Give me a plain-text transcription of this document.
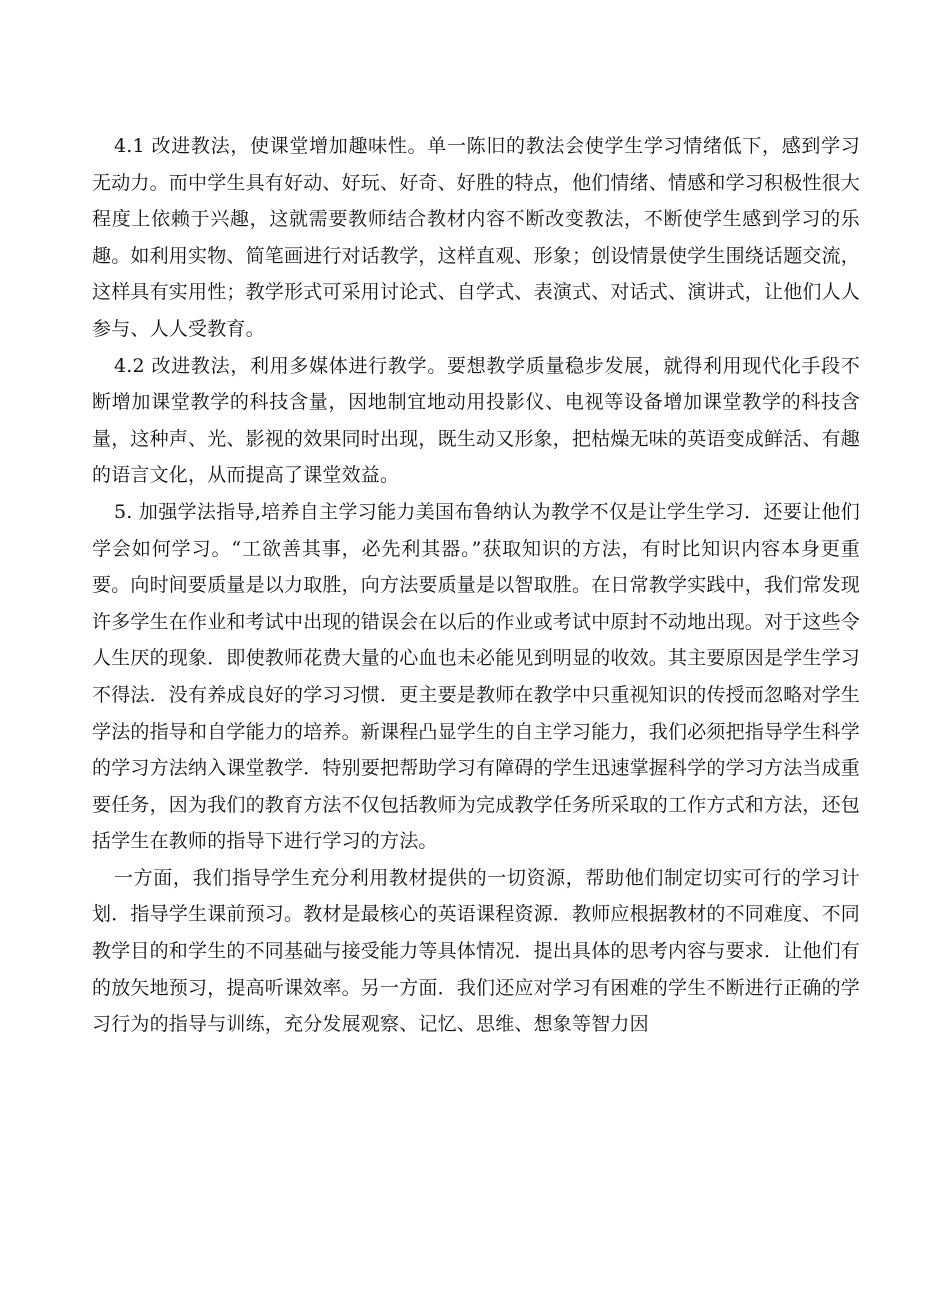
4.1 改进教法，使课堂增加趣味性。单一陈旧的教法会使学生学习情绪低下，感到学习无动力。而中学生具有好动、好玩、好奇、好胜的特点，他们情绪、情感和学习积极性很大程度上依赖于兴趣，这就需要教师结合教材内容不断改变教法，不断使学生感到学习的乐趣。如利用实物、简笔画进行对话教学，这样直观、形象；创设情景使学生围绕话题交流，这样具有实用性；教学形式可采用讨论式、自学式、表演式、对话式、演讲式，让他们人人参与、人人受教育。

4.2 改进教法，利用多媒体进行教学。要想教学质量稳步发展，就得利用现代化手段不断增加课堂教学的科技含量，因地制宜地动用投影仪、电视等设备增加课堂教学的科技含量，这种声、光、影视的效果同时出现，既生动又形象，把枯燥无味的英语变成鲜活、有趣的语言文化，从而提高了课堂效益。

5. 加强学法指导,培养自主学习能力美国布鲁纳认为教学不仅是让学生学习．还要让他们学会如何学习。“工欲善其事，必先利其器。”获取知识的方法，有时比知识内容本身更重要。向时间要质量是以力取胜，向方法要质量是以智取胜。在日常教学实践中，我们常发现许多学生在作业和考试中出现的错误会在以后的作业或考试中原封不动地出现。对于这些令人生厌的现象．即使教师花费大量的心血也未必能见到明显的收效。其主要原因是学生学习不得法．没有养成良好的学习习惯．更主要是教师在教学中只重视知识的传授而忽略对学生学法的指导和自学能力的培养。新课程凸显学生的自主学习能力，我们必须把指导学生科学的学习方法纳入课堂教学．特别要把帮助学习有障碍的学生迅速掌握科学的学习方法当成重要任务，因为我们的教育方法不仅包括教师为完成教学任务所采取的工作方式和方法，还包括学生在教师的指导下进行学习的方法。

一方面，我们指导学生充分利用教材提供的一切资源，帮助他们制定切实可行的学习计划．指导学生课前预习。教材是最核心的英语课程资源．教师应根据教材的不同难度、不同教学目的和学生的不同基础与接受能力等具体情况．提出具体的思考内容与要求．让他们有的放矢地预习，提高听课效率。另一方面．我们还应对学习有困难的学生不断进行正确的学习行为的指导与训练，充分发展观察、记忆、思维、想象等智力因
